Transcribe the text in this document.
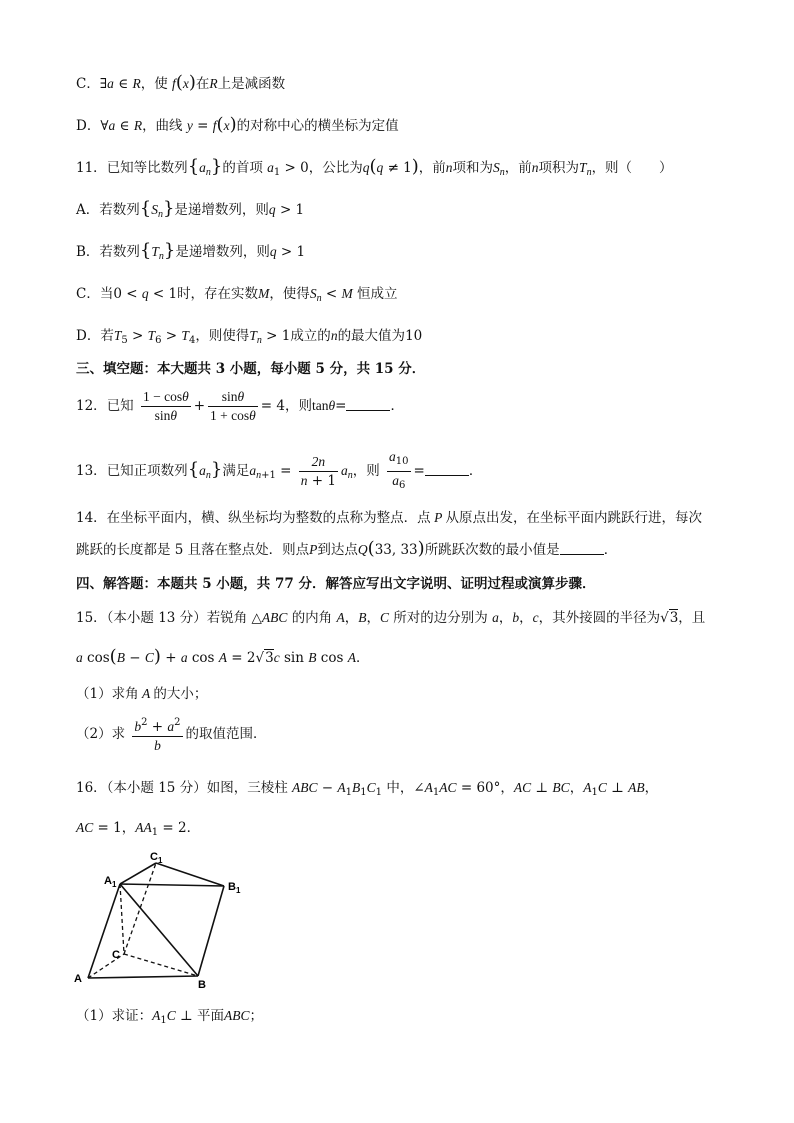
C．∃a ∈ R，使 f(x)在R上是减函数
D．∀a ∈ R，曲线 y = f(x)的对称中心的横坐标为定值
11．已知等比数列$\{a_n\}$的首项 $a_1 > 0$，公比为q(q ≠ 1)，前n项和为$S_n$，前n项积为$T_n$，则（　　）
A．若数列$\{S_n\}$是递增数列，则q > 1
B．若数列$\{T_n\}$是递增数列，则q > 1
C．当0 < q < 1时，存在实数M，使得$S_n < M$ 恒成立
D．若$T_5 > T_6 > T_4$，则使得$T_n > 1$成立的n的最大值为10
三、填空题：本大题共 3 小题，每小题 5 分，共 15 分．
12．已知 $\frac{1 - \cos\theta}{\sin\theta} + \frac{\sin\theta}{1 + \cos\theta} = 4$，则tanθ=	．
13．已知正项数列$\{a_n\}$满足$a_{n+1} = \frac{2n}{n + 1} a_n$，则 $\frac{a_{10}}{a_6}$ =	．
14．在坐标平面内，横、纵坐标均为整数的点称为整点．点 P 从原点出发，在坐标平面内跳跃行进，每次
跳跃的长度都是 5 且落在整点处．则点P到达点Q(33, 33)所跳跃次数的最小值是	．
四、解答题：本题共 5 小题，共 77 分．解答应写出文字说明、证明过程或演算步骤．
15．（本小题 13 分）若锐角 △ABC 的内角 A，B，C 所对的边分别为 a，b，c，其外接圆的半径为√3，且
a cos(B − C) + a cos A = 2√3c sin B cos A．
（1）求角 A 的大小；
（2）求 $\frac{b^2 + a^2}{b}$ 的取值范围．
16．（本小题 15 分）如图，三棱柱 ABC − $A_1B_1C_1$ 中，$\angle A_1AC = 60^\circ$，AC ⊥ BC，$A_1C$ ⊥ AB，
AC = 1，$AA_1 = 2$．
$C_1$
$A_1$	$B_1$
C
A	B
（1）求证：$A_1C$ ⊥ 平面ABC；
